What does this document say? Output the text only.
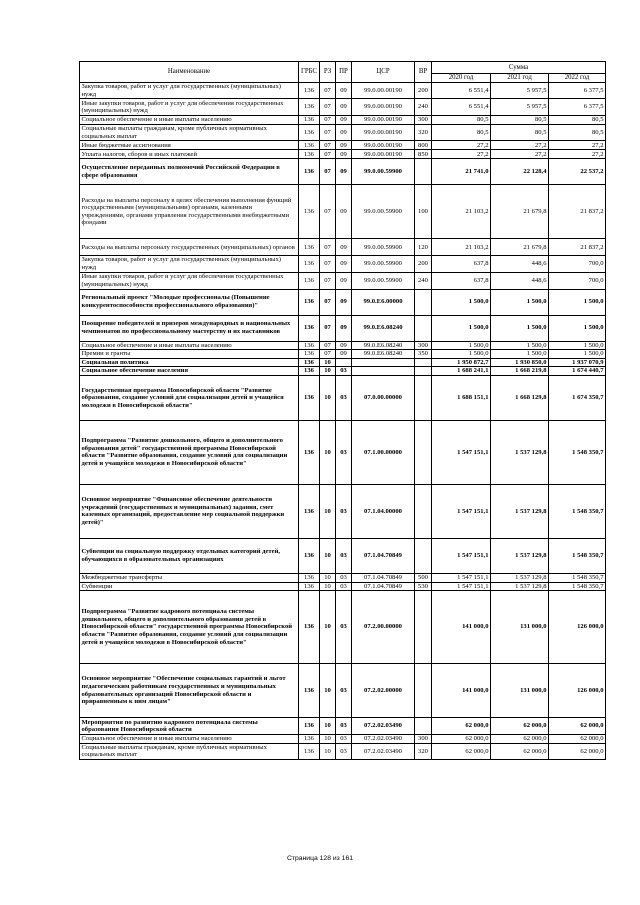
Наименование	ГРБС	РЗ	ПР	ЦСР	ВР	Сумма		
						2020 год	2021 год	2022 год
Закупка товаров, работ и услуг для государственных (муниципальных) нужд	136	07	09	99.0.00.00190	200	6 551,4	5 957,5	6 377,5
Иные закупки товаров, работ и услуг для обеспечения государственных (муниципальных) нужд	136	07	09	99.0.00.00190	240	6 551,4	5 957,5	6 377,5
Социальное обеспечение и иные выплаты населению	136	07	09	99.0.00.00190	300	80,5	80,5	80,5
Социальные выплаты гражданам, кроме публичных нормативных социальных выплат	136	07	09	99.0.00.00190	320	80,5	80,5	80,5
Иные бюджетные ассигнования	136	07	09	99.0.00.00190	800	27,2	27,2	27,2
Уплата налогов, сборов и иных платежей	136	07	09	99.0.00.00190	850	27,2	27,2	27,2
Осуществление переданных полномочий Российской Федерации в сфере образования	136	07	09	99.0.00.59900		21 741,0	22 128,4	22 537,2
Расходы на выплаты персоналу в целях обеспечения выполнения функций государственными (муниципальными) органами, казенными учреждениями, органами управления государственными внебюджетными фондами	136	07	09	99.0.00.59900	100	21 103,2	21 679,8	21 837,2
Расходы на выплаты персоналу государственных (муниципальных) органов	136	07	09	99.0.00.59900	120	21 103,2	21 679,8	21 837,2
Закупка товаров, работ и услуг для государственных (муниципальных) нужд	136	07	09	99.0.00.59900	200	637,8	448,6	700,0
Иные закупки товаров, работ и услуг для обеспечения государственных (муниципальных) нужд	136	07	09	99.0.00.59900	240	637,8	448,6	700,0
Региональный проект "Молодые профессионалы (Повышение конкурентоспособности профессионального образования)"	136	07	09	99.0.Е6.00000		1 500,0	1 500,0	1 500,0
Поощрение победителей и призеров международных и национальных чемпионатов по профессиональному мастерству и их наставников	136	07	09	99.0.Е6.08240		1 500,0	1 500,0	1 500,0
Социальное обеспечение и иные выплаты населению	136	07	09	99.0.Е6.08240	300	1 500,0	1 500,0	1 500,0
Премии и гранты	136	07	09	99.0.Е6.08240	350	1 500,0	1 500,0	1 500,0
Социальная политика	136	10				1 950 872,7	1 930 850,0	1 937 070,9
Социальное обеспечение населения	136	10	03			1 688 241,1	1 668 219,8	1 674 440,7
Государственная программа Новосибирской области "Развитие образования, создание условий для социализации детей и учащейся молодежи в Новосибирской области"	136	10	03	07.0.00.00000		1 688 151,1	1 668 129,8	1 674 350,7
Подпрограмма "Развитие дошкольного, общего и дополнительного образования детей" государственной программы Новосибирской области "Развитие образования, создание условий для социализации детей и учащейся молодежи в Новосибирской области"	136	10	03	07.1.00.00000		1 547 151,1	1 537 129,8	1 548 350,7
Основное мероприятие "Финансовое обеспечение деятельности учреждений (государственных и муниципальных) задания, смет казенных организаций, предоставление мер социальной поддержки детей)"	136	10	03	07.1.04.00000		1 547 151,1	1 537 129,8	1 548 350,7
Субвенции на социальную поддержку отдельных категорий детей, обучающихся в образовательных организациях	136	10	03	07.1.04.70849		1 547 151,1	1 537 129,8	1 548 350,7
Межбюджетные трансферты	136	10	03	07.1.04.70849	500	1 547 151,1	1 537 129,8	1 548 350,7
Субвенции	136	10	03	07.1.04.70849	530	1 547 151,1	1 537 129,8	1 548 350,7
Подпрограмма "Развитие кадрового потенциала системы дошкольного, общего и дополнительного образования детей в Новосибирской области" государственной программы Новосибирской области "Развитие образования, создание условий для социализации детей и учащейся молодежи в Новосибирской области"	136	10	03	07.2.00.00000		141 000,0	131 000,0	126 000,0
Основное мероприятие "Обеспечение социальных гарантий и льгот педагогическим работникам государственных и муниципальных образовательных организаций Новосибирской области и приравненным к ним лицам"	136	10	03	07.2.02.00000		141 000,0	131 000,0	126 000,0
Мероприятия по развитию кадрового потенциала системы образования Новосибирской области	136	10	03	07.2.02.03490		62 000,0	62 000,0	62 000,0
Социальное обеспечение и иные выплаты населению	136	10	03	07.2.02.03490	300	62 000,0	62 000,0	62 000,0
Социальные выплаты гражданам, кроме публичных нормативных социальных выплат	136	10	03	07.2.02.03490	320	62 000,0	62 000,0	62 000,0
Страница 128 из 161
